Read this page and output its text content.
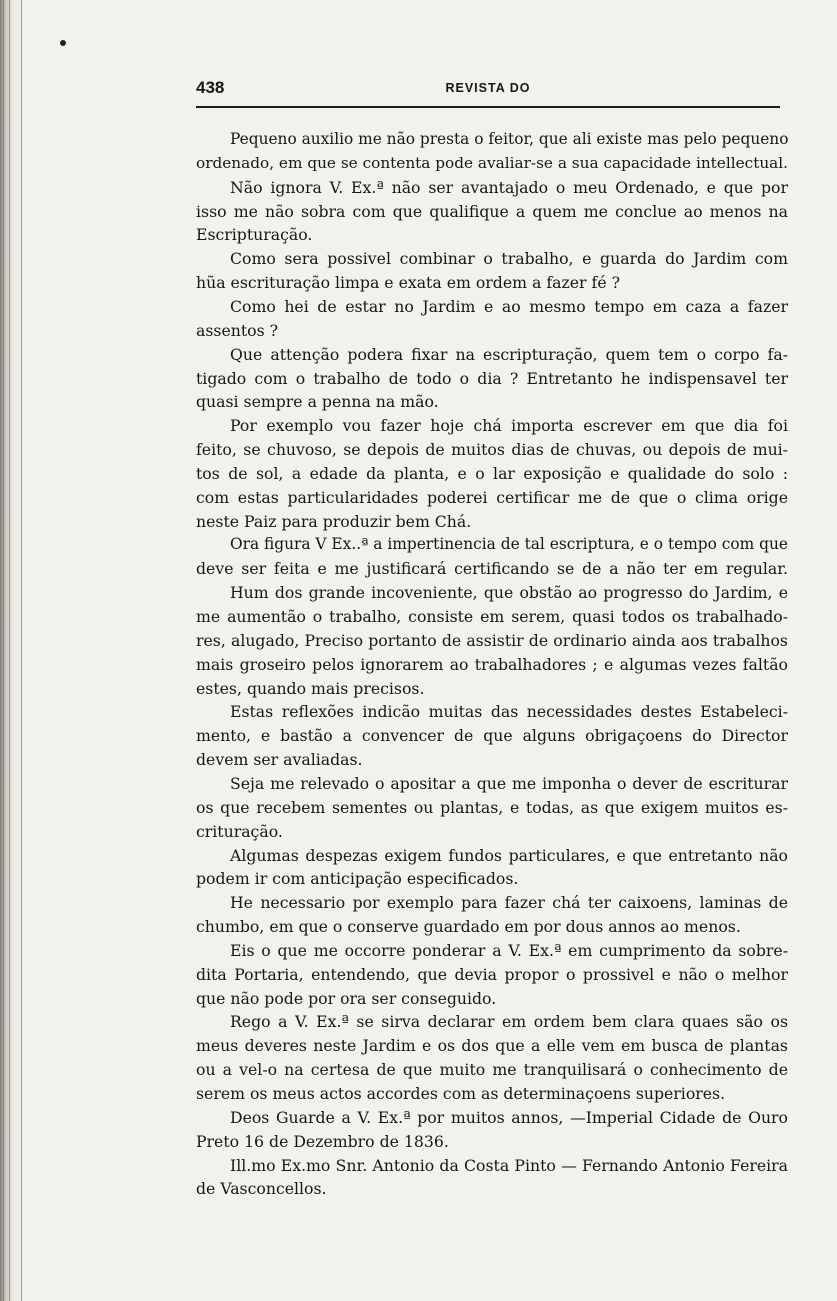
438	REVISTA DO
Pequeno auxilio me não presta o feitor, que ali existe mas pelo pequeno
ordenado, em que se contenta pode avaliar-se a sua capacidade intellectual.
Não ignora V. Ex.ª não ser avantajado o meu Ordenado, e que por
isso me não sobra com que qualifique a quem me conclue ao menos na
Escripturação.
Como sera possivel combinar o trabalho, e guarda do Jardim com
hũa escrituração limpa e exata em ordem a fazer fé ?
Como hei de estar no Jardim e ao mesmo tempo em caza a fazer
assentos ?
Que attenção podera fixar na escripturação, quem tem o corpo fa-
tigado com o trabalho de todo o dia ? Entretanto he indispensavel ter
quasi sempre a penna na mão.
Por exemplo vou fazer hoje chá importa escrever em que dia foi
feito, se chuvoso, se depois de muitos dias de chuvas, ou depois de mui-
tos de sol, a edade da planta, e o lar exposição e qualidade do solo :
com estas particularidades poderei certificar me de que o clima orige
neste Paiz para produzir bem Chá.
Ora figura V Ex..ª a impertinencia de tal escriptura, e o tempo com que
deve ser feita e me justificará certificando se de a não ter em regular.
Hum dos grande incoveniente, que obstão ao progresso do Jardim, e
me aumentão o trabalho, consiste em serem, quasi todos os trabalhado-
res, alugado, Preciso portanto de assistir de ordinario ainda aos trabalhos
mais groseiro pelos ignorarem ao trabalhadores ; e algumas vezes faltão
estes, quando mais precisos.
Estas reflexões indicão muitas das necessidades destes Estabeleci-
mento, e bastão a convencer de que alguns obrigaçoens do Director
devem ser avaliadas.
Seja me relevado o apositar a que me imponha o dever de escriturar
os que recebem sementes ou plantas, e todas, as que exigem muitos es-
crituração.
Algumas despezas exigem fundos particulares, e que entretanto não
podem ir com anticipação especificados.
He necessario por exemplo para fazer chá ter caixoens, laminas de
chumbo, em que o conserve guardado em por dous annos ao menos.
Eis o que me occorre ponderar a V. Ex.ª em cumprimento da sobre-
dita Portaria, entendendo, que devia propor o prossivel e não o melhor
que não pode por ora ser conseguido.
Rego a V. Ex.ª se sirva declarar em ordem bem clara quaes são os
meus deveres neste Jardim e os dos que a elle vem em busca de plantas
ou a vel-o na certesa de que muito me tranquilisará o conhecimento de
serem os meus actos accordes com as determinaçoens superiores.
Deos Guarde a V. Ex.ª por muitos annos, —Imperial Cidade de Ouro
Preto 16 de Dezembro de 1836.
Ill.mo Ex.mo Snr. Antonio da Costa Pinto — Fernando Antonio Fereira
de Vasconcellos.
